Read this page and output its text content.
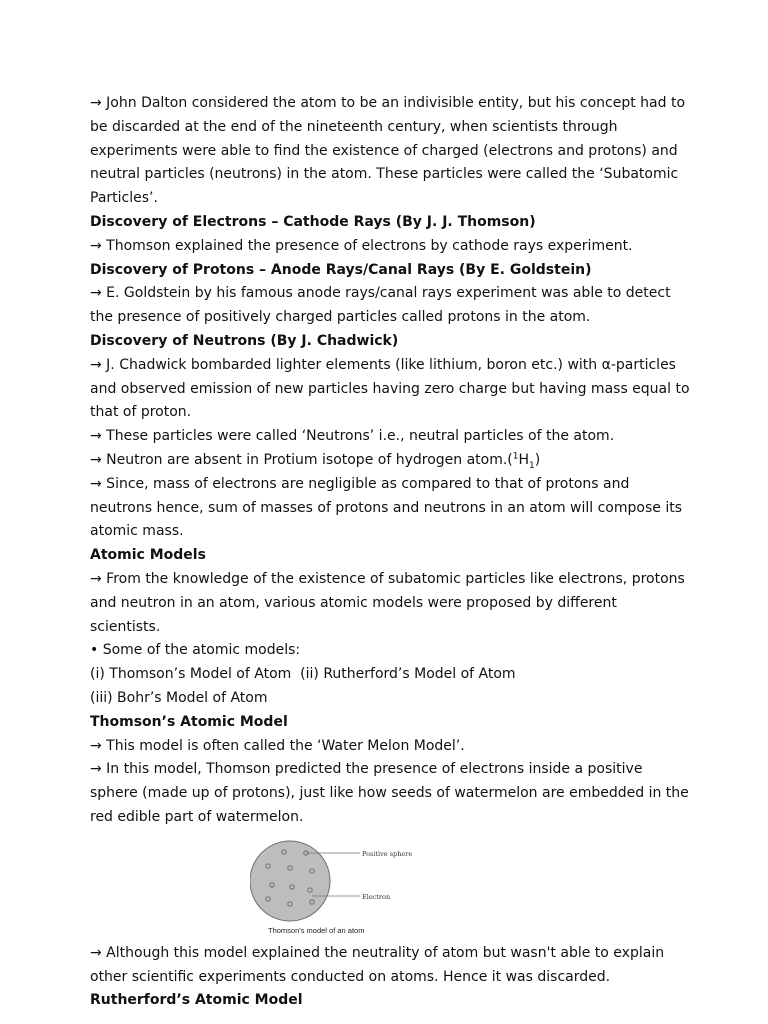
→ John Dalton considered the atom to be an indivisible entity, but his concept had to be discarded at the end of the nineteenth century, when scientists through experiments were able to find the existence of charged (electrons and protons) and neutral particles (neutrons) in the atom. These particles were called the ‘Subatomic Particles’.

Discovery of Electrons – Cathode Rays (By J. J. Thomson)

→ Thomson explained the presence of electrons by cathode rays experiment.

Discovery of Protons – Anode Rays/Canal Rays (By E. Goldstein)

→ E. Goldstein by his famous anode rays/canal rays experiment was able to detect the presence of positively charged particles called protons in the atom.

Discovery of Neutrons (By J. Chadwick)

→ J. Chadwick bombarded lighter elements (like lithium, boron etc.) with α-particles and observed emission of new particles having zero charge but having mass equal to that of proton.

→ These particles were called ‘Neutrons’ i.e., neutral particles of the atom.

→ Neutron are absent in Protium isotope of hydrogen $atom.(^1H_1)$

→ Since, mass of electrons are negligible as compared to that of protons and neutrons hence, sum of masses of protons and neutrons in an atom will compose its atomic mass.

Atomic Models

→ From the knowledge of the existence of subatomic particles like electrons, protons and neutron in an atom, various atomic models were proposed by different scientists.

• Some of the atomic models:

(i) Thomson’s Model of Atom  (ii) Rutherford’s Model of Atom

(iii) Bohr’s Model of Atom

Thomson’s Atomic Model

→ This model is often called the ‘Water Melon Model’.

→ In this model, Thomson predicted the presence of electrons inside a positive sphere (made up of protons), just like how seeds of watermelon are embedded in the red edible part of watermelon.

Positive sphere
Electron
Thomson's model of an atom

→ Although this model explained the neutrality of atom but wasn't able to explain other scientific experiments conducted on atoms. Hence it was discarded.

Rutherford’s Atomic Model
